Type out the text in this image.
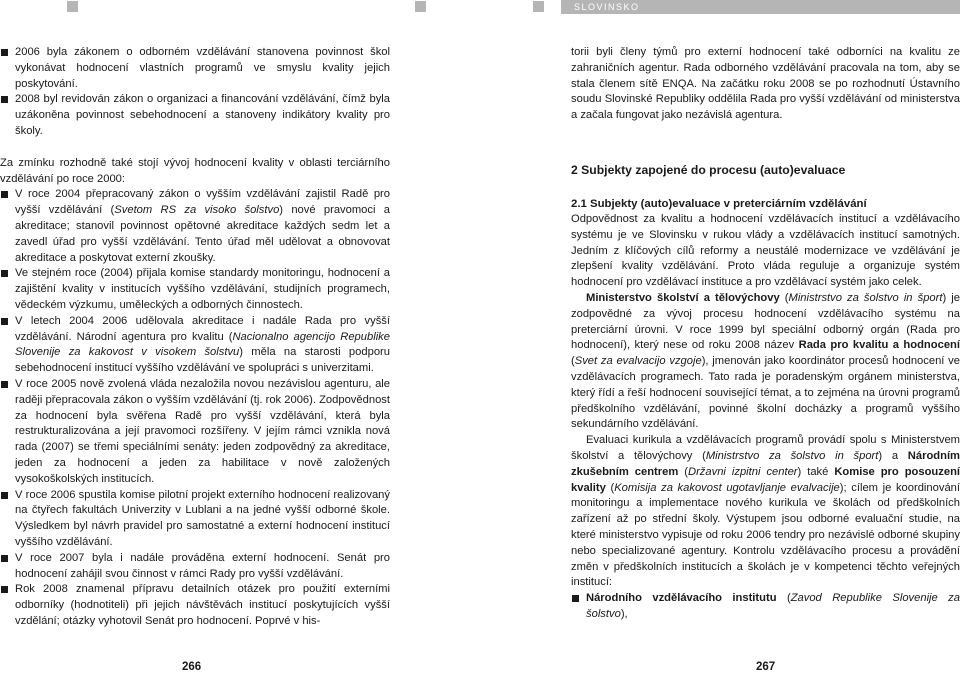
SLOVINSKO
2006 byla zákonem o odborném vzdělávání stanovena povinnost škol vykonávat hodnocení vlastních programů ve smyslu kvality jejich poskytování.
2008 byl revidován zákon o organizaci a financování vzdělávání, čímž byla uzákoněna povinnost sebehodnocení a stanoveny indikátory kvality pro školy.

Za zmínku rozhodně také stojí vývoj hodnocení kvality v oblasti terciárního vzdělávání po roce 2000:

V roce 2004 přepracovaný zákon o vyšším vzdělávání zajistil Radě pro vyšší vzdělávání (Svetom RS za visoko šolstvo) nové pravomoci a akreditace; stanovil povinnost opětovné akreditace každých sedm let a zavedl úřad pro vyšší vzdělávání. Tento úřad měl udělovat a obnovovat akreditace a poskytovat externí zkoušky.
Ve stejném roce (2004) přijala komise standardy monitoringu, hodnocení a zajištění kvality v institucích vyššího vzdělávání, studijních programech, vědeckém výzkumu, uměleckých a odborných činnostech.
V letech 2004 2006 udělovala akreditace i nadále Rada pro vyšší vzdělávání. Národní agentura pro kvalitu (Nacionalno agencijo Republike Slovenije za kakovost v visokem šolstvu) měla na starosti podporu sebehodnocení institucí vyššího vzdělávání ve spolupráci s univerzitami.
V roce 2005 nově zvolená vláda nezaložila novou nezávislou agenturu, ale raději přepracovala zákon o vyšším vzdělávání (tj. rok 2006). Zodpovědnost za hodnocení byla svěřena Radě pro vyšší vzdělávání, která byla restrukturalizována a její pravomoci rozšířeny. V jejím rámci vznikla nová rada (2007) se třemi speciálními senáty: jeden zodpovědný za akreditace, jeden za hodnocení a jeden za habilitace v nově založených vysokoškolských institucích.
V roce 2006 spustila komise pilotní projekt externího hodnocení realizovaný na čtyřech fakultách Univerzity v Lublani a na jedné vyšší odborné škole. Výsledkem byl návrh pravidel pro samostatné a externí hodnocení institucí vyššího vzdělávání.
V roce 2007 byla i nadále prováděna externí hodnocení. Senát pro hodnocení zahájil svou činnost v rámci Rady pro vyšší vzdělávání.
Rok 2008 znamenal přípravu detailních otázek pro použití externími odborníky (hodnotiteli) při jejich návštěvách institucí poskytujících vyšší vzdělání; otázky vyhotovil Senát pro hodnocení. Poprvé v his-
266

torii byli členy týmů pro externí hodnocení také odborníci na kvalitu ze zahraničních agentur. Rada odborného vzdělávání pracovala na tom, aby se stala členem sítě ENQA. Na začátku roku 2008 se po rozhodnutí Ústavního soudu Slovinské Republiky oddělila Rada pro vyšší vzdělávání od ministerstva a začala fungovat jako nezávislá agentura.

2 Subjekty zapojené do procesu (auto)evaluace

2.1 Subjekty (auto)evaluace v preterciárním vzdělávání

Odpovědnost za kvalitu a hodnocení vzdělávacích institucí a vzdělávacího systému je ve Slovinsku v rukou vlády a vzdělávacích institucí samotných. Jedním z klíčových cílů reformy a neustálé modernizace ve vzdělávání je zlepšení kvality vzdělávání. Proto vláda reguluje a organizuje systém hodnocení pro vzdělávací instituce a pro vzdělávací systém jako celek.

Ministerstvo školství a tělovýchovy (Ministrstvo za šolstvo in šport) je zodpovědné za vývoj procesu hodnocení vzdělávacího systému na preterciární úrovni. V roce 1999 byl speciální odborný orgán (Rada pro hodnocení), který nese od roku 2008 název Rada pro kvalitu a hodnocení (Svet za evalvacijo vzgoje), jmenován jako koordinátor procesů hodnocení ve vzdělávacích programech. Tato rada je poradenským orgánem ministerstva, který řídí a řeší hodnocení související témat, a to zejména na úrovni programů předškolního vzdělávání, povinné školní docházky a programů vyššího sekundárního vzdělávání.

Evaluaci kurikula a vzdělávacích programů provádí spolu s Ministerstvem školství a tělovýchovy (Ministrstvo za šolstvo in šport) a Národním zkušebním centrem (Državni izpitni center) také Komise pro posouzení kvality (Komisija za kakovost ugotavljanje evalvacije); cílem je koordinování monitoringu a implementace nového kurikula ve školách od předškolních zařízení až po střední školy. Výstupem jsou odborné evaluační studie, na které ministerstvo vypisuje od roku 2006 tendry pro nezávislé odborné skupiny nebo specializované agentury. Kontrolu vzdělávacího procesu a provádění změn v předškolních institucích a školách je v kompetenci těchto veřejných institucí:

Národního vzdělávacího institutu (Zavod Republike Slovenije za šolstvo),
267
